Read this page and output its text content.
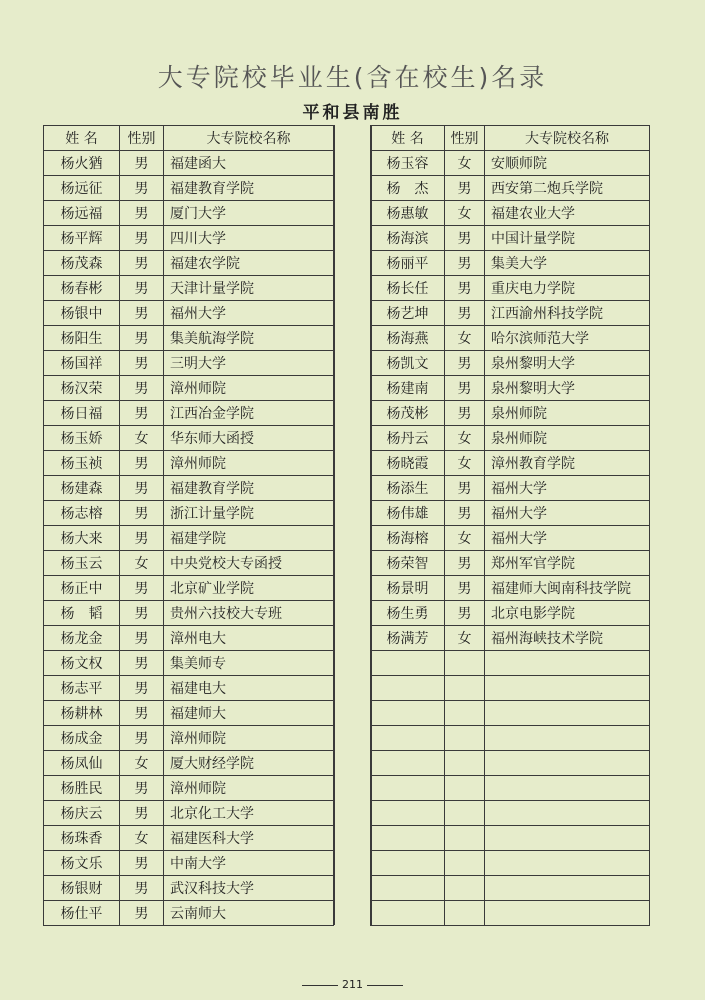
大专院校毕业生(含在校生)名录
平和县南胜
姓 名	性别	大专院校名称
杨火猶	男	福建函大
杨远征	男	福建教育学院
杨远福	男	厦门大学
杨平辉	男	四川大学
杨茂森	男	福建农学院
杨春彬	男	天津计量学院
杨银中	男	福州大学
杨阳生	男	集美航海学院
杨国祥	男	三明大学
杨汉荣	男	漳州师院
杨日福	男	江西冶金学院
杨玉娇	女	华东师大函授
杨玉祯	男	漳州师院
杨建森	男	福建教育学院
杨志榕	男	浙江计量学院
杨大来	男	福建学院
杨玉云	女	中央党校大专函授
杨正中	男	北京矿业学院
杨　韬	男	贵州六技校大专班
杨龙金	男	漳州电大
杨文权	男	集美师专
杨志平	男	福建电大
杨耕林	男	福建师大
杨成金	男	漳州师院
杨凤仙	女	厦大财经学院
杨胜民	男	漳州师院
杨庆云	男	北京化工大学
杨珠香	女	福建医科大学
杨文乐	男	中南大学
杨银财	男	武汉科技大学
杨仕平	男	云南师大
姓 名	性别	大专院校名称
杨玉容	女	安顺师院
杨　杰	男	西安第二炮兵学院
杨惠敏	女	福建农业大学
杨海滨	男	中国计量学院
杨丽平	男	集美大学
杨长任	男	重庆电力学院
杨艺坤	男	江西渝州科技学院
杨海燕	女	哈尔滨师范大学
杨凯文	男	泉州黎明大学
杨建南	男	泉州黎明大学
杨茂彬	男	泉州师院
杨丹云	女	泉州师院
杨晓霞	女	漳州教育学院
杨添生	男	福州大学
杨伟雄	男	福州大学
杨海榕	女	福州大学
杨荣智	男	郑州军官学院
杨景明	男	福建师大闽南科技学院
杨生勇	男	北京电影学院
杨满芳	女	福州海峡技术学院

211
